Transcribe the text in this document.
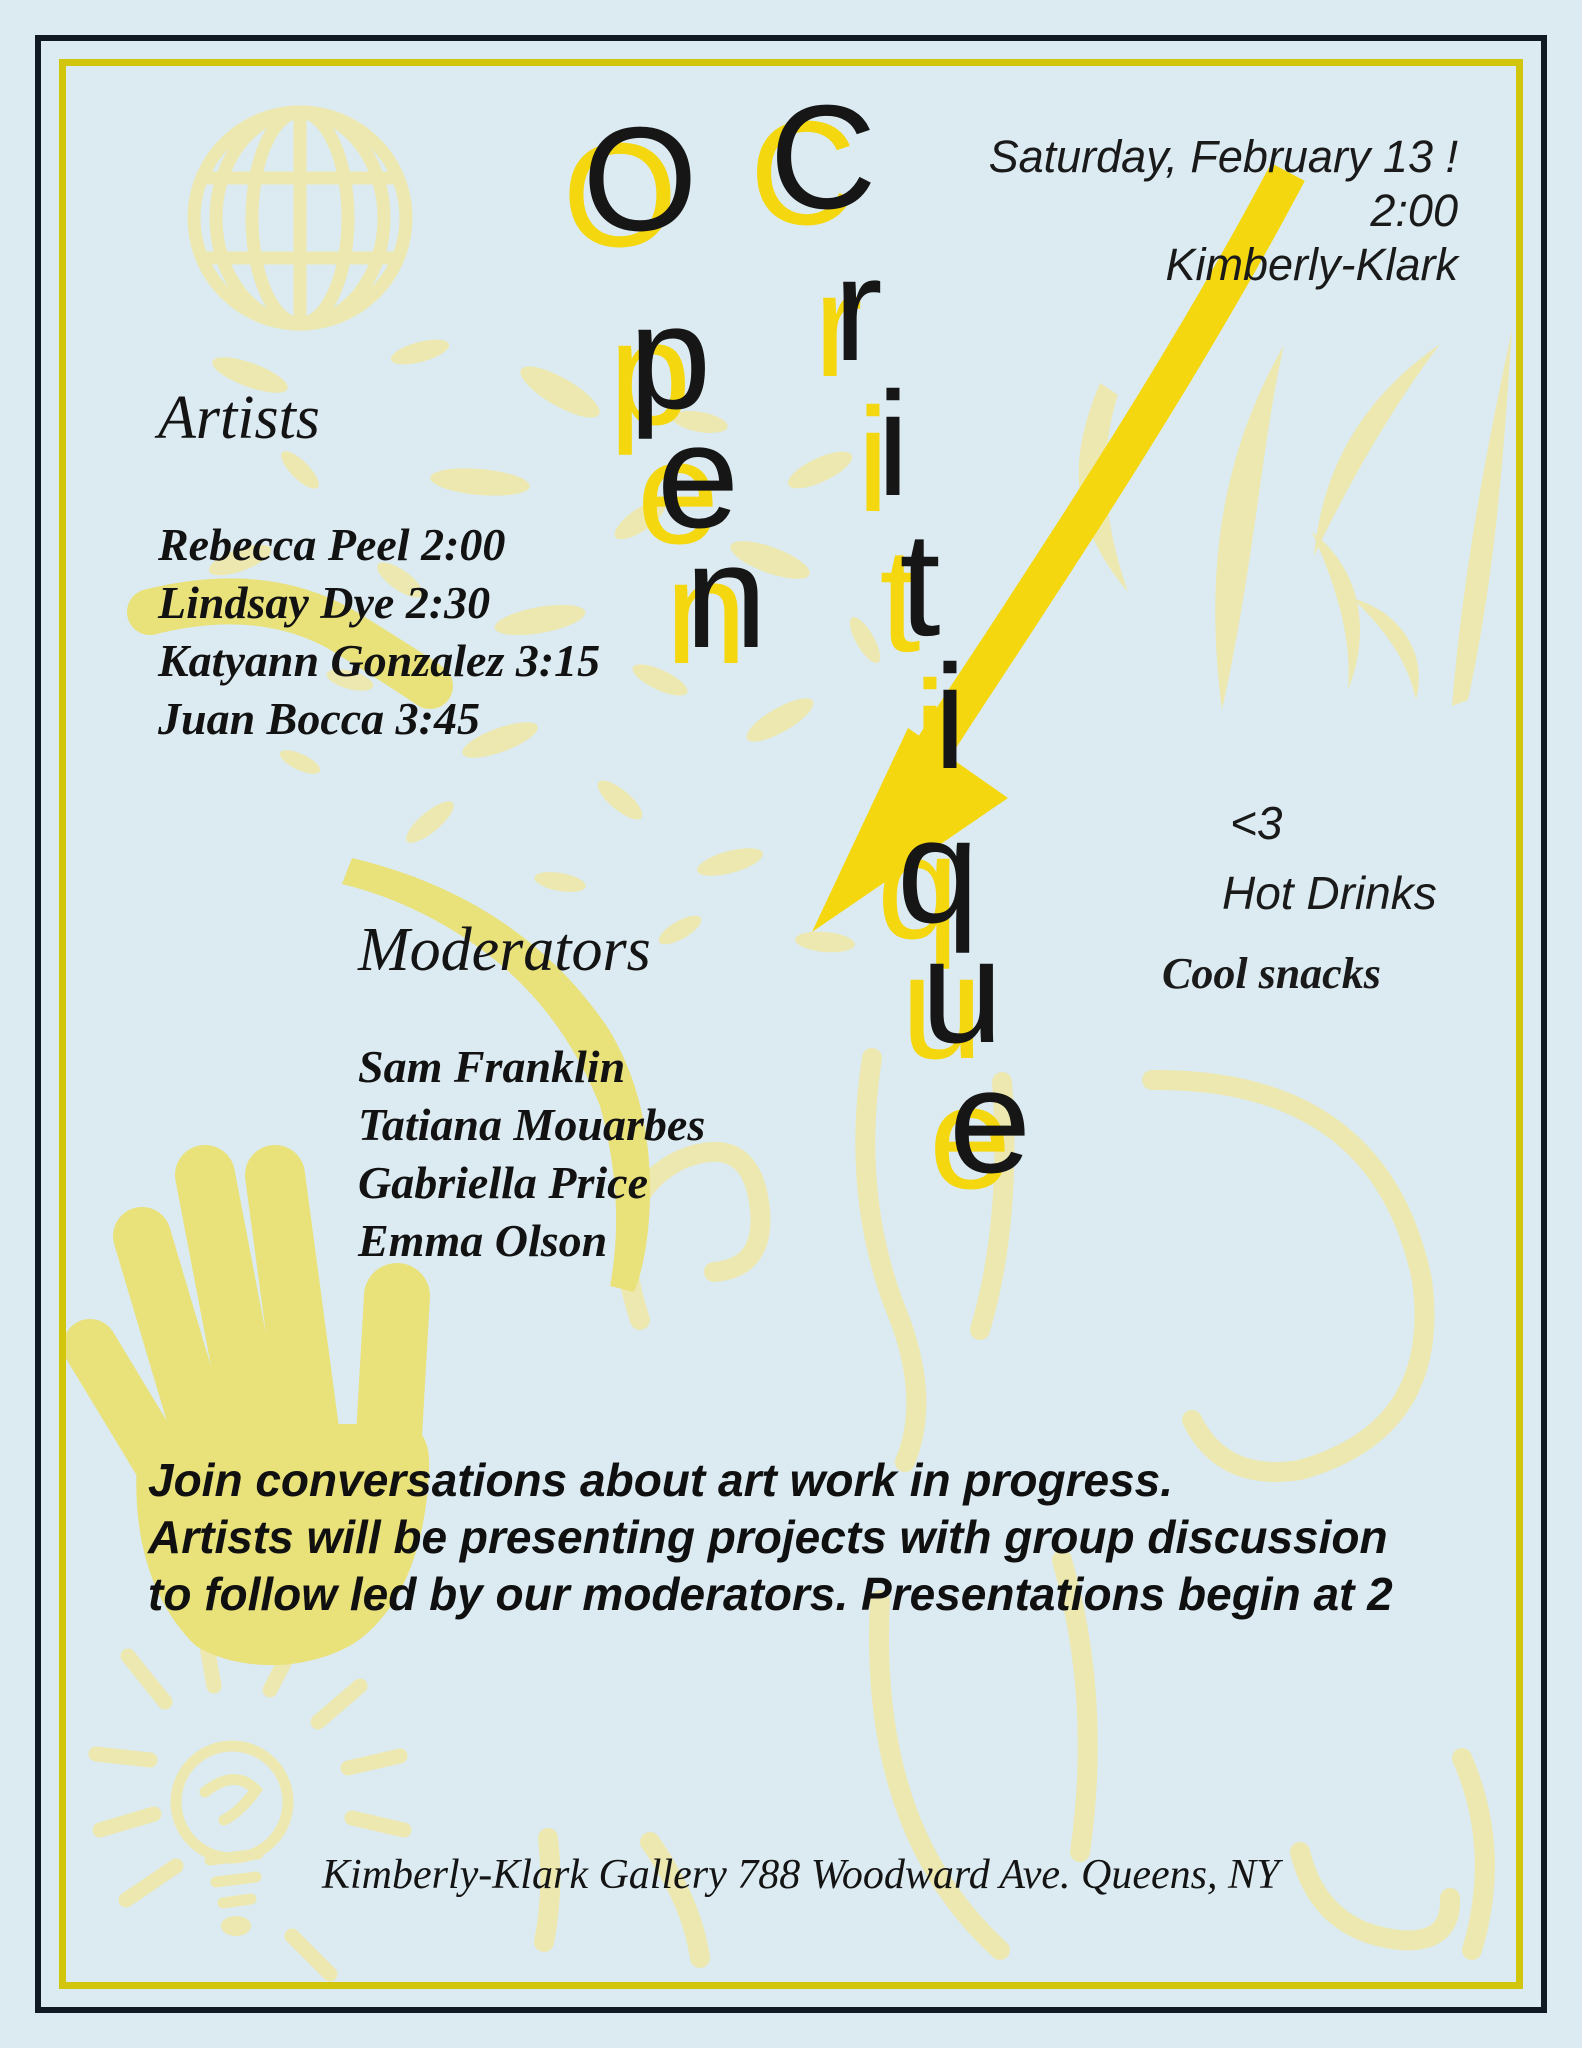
O
p
e
n
C
r
i
t
i
q
u
e
Saturday, February 13 !
2:00
Kimberly-Klark
Artists
Rebecca Peel 2:00
Lindsay Dye 2:30
Katyann Gonzalez 3:15
Juan Bocca 3:45
Moderators
Sam Franklin
Tatiana Mouarbes
Gabriella Price
Emma Olson
<3
Hot Drinks
Cool snacks
Join conversations about art work in progress.
Artists will be presenting projects with group discussion
to follow led by our moderators. Presentations begin at 2
Kimberly-Klark Gallery 788 Woodward Ave. Queens, NY
